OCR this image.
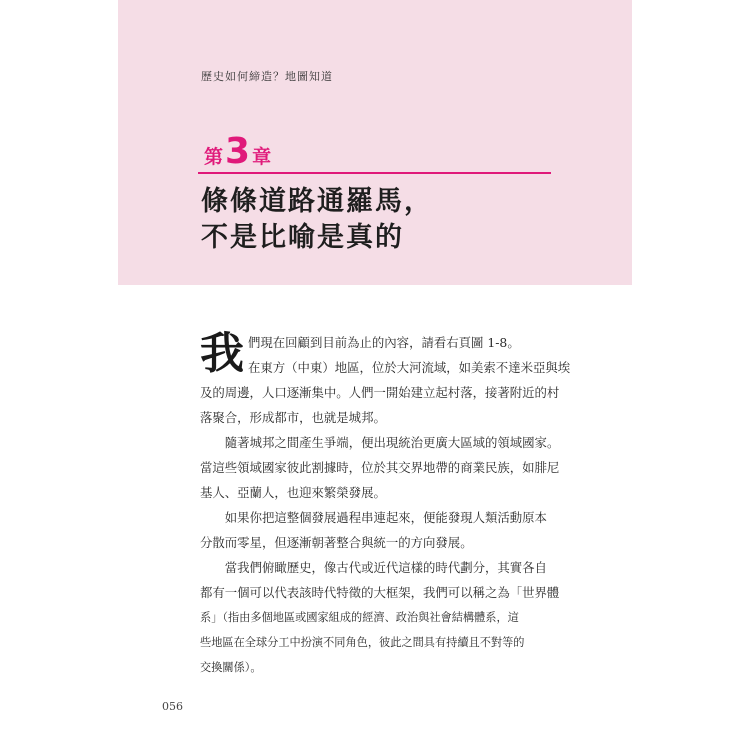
歷史如何締造？地圖知道
第 3 章
條條道路通羅馬，
不是比喻是真的

我 們現在回顧到目前為止的內容，請看右頁圖 1-8。
在東方（中東）地區，位於大河流域，如美索不達米亞與埃

及的周邊，人口逐漸集中。人們一開始建立起村落，接著附近的村
落聚合，形成都市，也就是城邦。

隨著城邦之間產生爭端，便出現統治更廣大區域的領域國家。
當這些領域國家彼此割據時，位於其交界地帶的商業民族，如腓尼
基人、亞蘭人，也迎來繁榮發展。

如果你把這整個發展過程串連起來，便能發現人類活動原本
分散而零星，但逐漸朝著整合與統一的方向發展。

當我們俯瞰歷史，像古代或近代這樣的時代劃分，其實各自
都有一個可以代表該時代特徵的大框架，我們可以稱之為「世界體
系」（指由多個地區或國家組成的經濟、政治與社會結構體系，這
些地區在全球分工中扮演不同角色，彼此之間具有持續且不對等的
交換關係）。

056
